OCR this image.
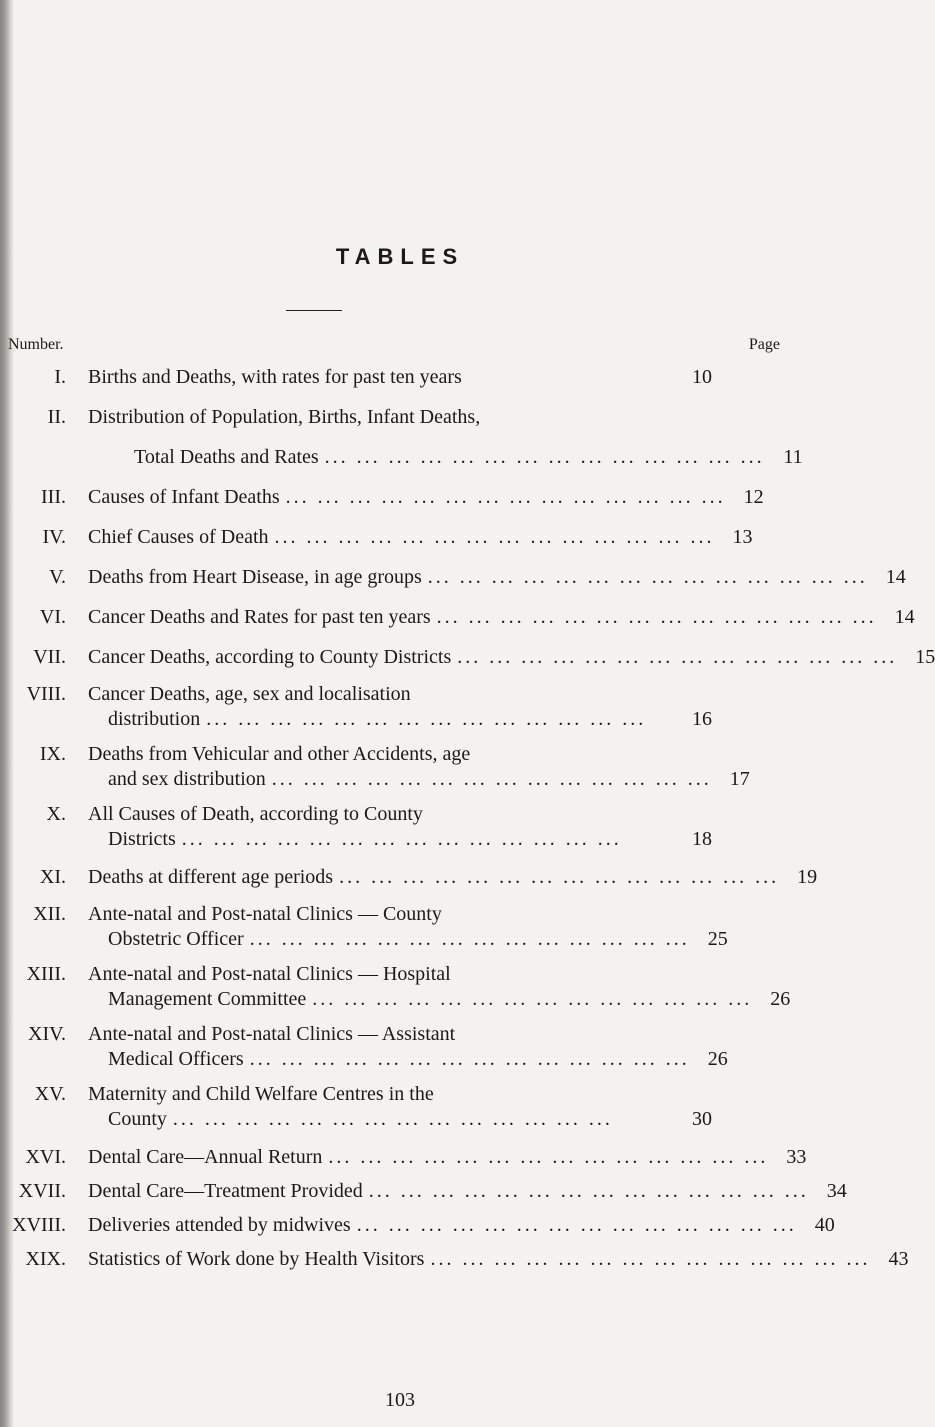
TABLES
Number.	Page
I.	Births and Deaths, with rates for past ten years	10
II.	Distribution of Population, Births, Infant Deaths,
Total Deaths and Rates ... ... ... ... ... ... ... ... ... ... ... ... ... ... 11
III.	Causes of Infant Deaths ... ... ... ... ... ... ... ... ... ... ... ... ... ... 12
IV.	Chief Causes of Death ... ... ... ... ... ... ... ... ... ... ... ... ... ... 13
V.	Deaths from Heart Disease, in age groups ... ... ... ... ... ... ... ... ... ... ... ... ... ... 14
VI.	Cancer Deaths and Rates for past ten years ... ... ... ... ... ... ... ... ... ... ... ... ... ... 14
VII.	Cancer Deaths, according to County Districts ... ... ... ... ... ... ... ... ... ... ... ... ... ... 15
VIII.	Cancer Deaths, age, sex and localisation
distribution ... ... ... ... ... ... ... ... ... ... ... ... ... ...	16
IX.	Deaths from Vehicular and other Accidents, age
and sex distribution ... ... ... ... ... ... ... ... ... ... ... ... ... ... 17
X.	All Causes of Death, according to County
Districts ... ... ... ... ... ... ... ... ... ... ... ... ... ...	18
XI.	Deaths at different age periods ... ... ... ... ... ... ... ... ... ... ... ... ... ... 19
XII.	Ante-natal and Post-natal Clinics — County
Obstetric Officer ... ... ... ... ... ... ... ... ... ... ... ... ... ... 25
XIII.	Ante-natal and Post-natal Clinics — Hospital
Management Committee ... ... ... ... ... ... ... ... ... ... ... ... ... ... 26
XIV.	Ante-natal and Post-natal Clinics — Assistant
Medical Officers ... ... ... ... ... ... ... ... ... ... ... ... ... ... 26
XV.	Maternity and Child Welfare Centres in the
County ... ... ... ... ... ... ... ... ... ... ... ... ... ...	30
XVI.	Dental Care—Annual Return ... ... ... ... ... ... ... ... ... ... ... ... ... ... 33
XVII.	Dental Care—Treatment Provided ... ... ... ... ... ... ... ... ... ... ... ... ... ... 34
XVIII.	Deliveries attended by midwives ... ... ... ... ... ... ... ... ... ... ... ... ... ... 40
XIX.	Statistics of Work done by Health Visitors ... ... ... ... ... ... ... ... ... ... ... ... ... ... 43
103
